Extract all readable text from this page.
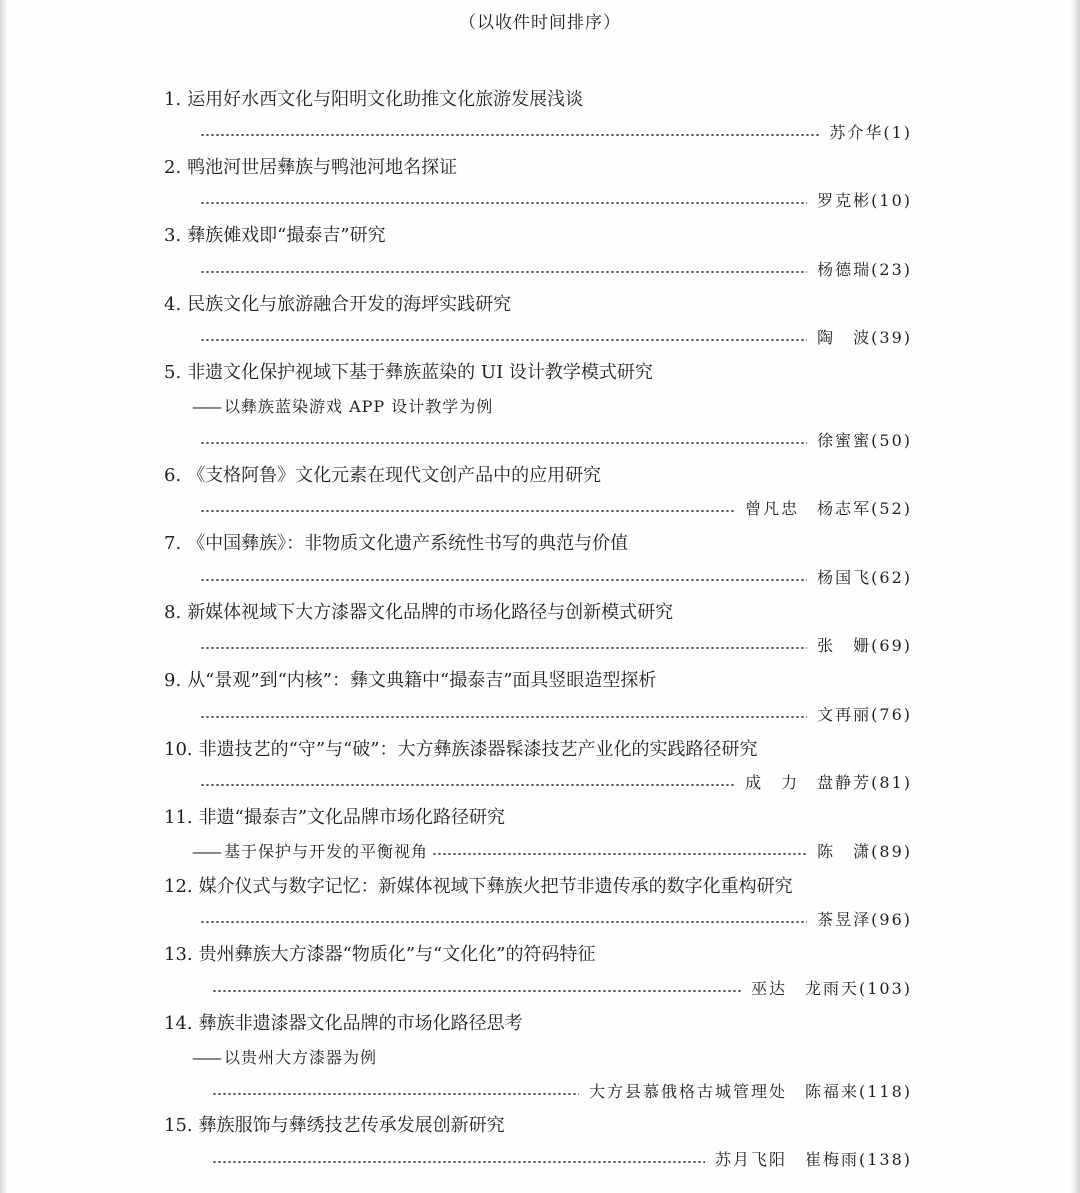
（以收件时间排序）
1. 运用好水西文化与阳明文化助推文化旅游发展浅谈
苏介华(1)
2. 鸭池河世居彝族与鸭池河地名探证
罗克彬(10)
3. 彝族傩戏即“撮泰吉”研究
杨德瑞(23)
4. 民族文化与旅游融合开发的海坪实践研究
陶　波(39)
5. 非遗文化保护视域下基于彝族蓝染的 UI 设计教学模式研究
—— 以彝族蓝染游戏 APP 设计教学为例
徐蜜蜜(50)
6. 《支格阿鲁》文化元素在现代文创产品中的应用研究
曾凡忠　杨志军(52)
7. 《中国彝族》：非物质文化遗产系统性书写的典范与价值
杨国飞(62)
8. 新媒体视域下大方漆器文化品牌的市场化路径与创新模式研究
张　姗(69)
9. 从“景观”到“内核”：彝文典籍中“撮泰吉”面具竖眼造型探析
文再丽(76)
10. 非遗技艺的“守”与“破”：大方彝族漆器髹漆技艺产业化的实践路径研究
成　力　盘静芳(81)
11. 非遗“撮泰吉”文化品牌市场化路径研究
—— 基于保护与开发的平衡视角	陈　潇(89)
12. 媒介仪式与数字记忆：新媒体视域下彝族火把节非遗传承的数字化重构研究
茶昱泽(96)
13. 贵州彝族大方漆器“物质化”与“文化化”的符码特征
巫达　龙雨天(103)
14. 彝族非遗漆器文化品牌的市场化路径思考
—— 以贵州大方漆器为例
大方县慕俄格古城管理处　陈福来(118)
15. 彝族服饰与彝绣技艺传承发展创新研究
苏月飞阳　崔梅雨(138)
